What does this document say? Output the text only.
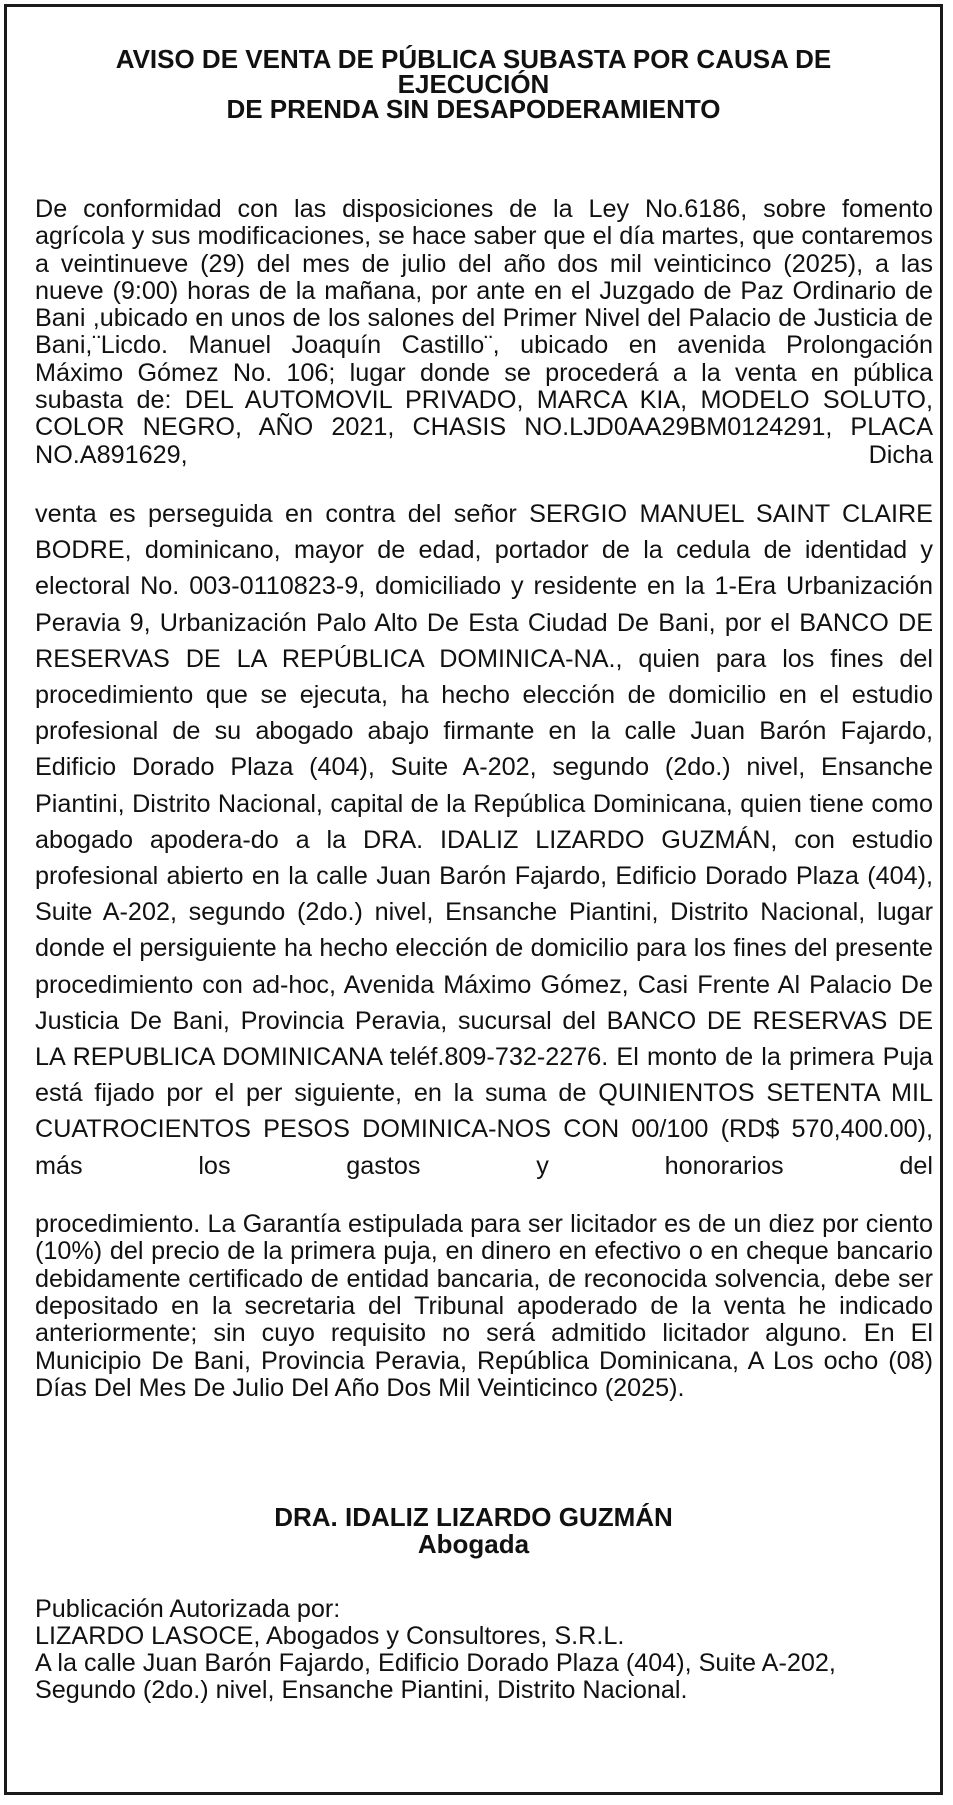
AVISO DE VENTA DE PÚBLICA SUBASTA POR CAUSA DE
EJECUCIÓN
DE PRENDA SIN DESAPODERAMIENTO

De conformidad con las disposiciones de la Ley No.6186, sobre fomento agrícola y sus modificaciones, se hace saber que el día martes, que contaremos a veintinueve (29) del mes de julio del año dos mil veinticinco (2025), a las nueve (9:00) horas de la mañana, por ante en el Juzgado de Paz Ordinario de Bani ,ubicado en unos de los salones del Primer Nivel del Palacio de Justicia de Bani,¨Licdo. Manuel Joaquín Castillo¨, ubicado en avenida Prolongación Máximo Gómez No. 106; lugar donde se procederá a la venta en pública subasta de: DEL AUTOMOVIL PRIVADO, MARCA KIA, MODELO SOLUTO, COLOR NEGRO, AÑO 2021, CHASIS NO.LJD0AA29BM0124291, PLACA NO.A891629, Dicha

venta es perseguida en contra del señor SERGIO MANUEL SAINT CLAIRE BODRE, dominicano, mayor de edad, portador de la cedula de identidad y electoral No. 003-0110823-9, domiciliado y residente en la 1-Era Urbanización Peravia 9, Urbanización Palo Alto De Esta Ciudad De Bani, por el BANCO DE RESERVAS DE LA REPÚBLICA DOMINICA-NA., quien para los fines del procedimiento que se ejecuta, ha hecho elección de domicilio en el estudio profesional de su abogado abajo firmante en la calle Juan Barón Fajardo, Edificio Dorado Plaza (404), Suite A-202, segundo (2do.) nivel, Ensanche Piantini, Distrito Nacional, capital de la República Dominicana, quien tiene como abogado apodera-do a la DRA. IDALIZ LIZARDO GUZMÁN, con estudio profesional abierto en la calle Juan Barón Fajardo, Edificio Dorado Plaza (404), Suite A-202, segundo (2do.) nivel, Ensanche Piantini, Distrito Nacional, lugar donde el persiguiente ha hecho elección de domicilio para los fines del presente procedimiento con ad-hoc, Avenida Máximo Gómez, Casi Frente Al Palacio De Justicia De Bani, Provincia Peravia, sucursal del BANCO DE RESERVAS DE LA REPUBLICA DOMINICANA teléf.809-732-2276. El monto de la primera Puja está fijado por el per siguiente, en la suma de QUINIENTOS SETENTA MIL CUATROCIENTOS PESOS DOMINICA-NOS CON 00/100 (RD$ 570,400.00), más los gastos y honorarios del

procedimiento. La Garantía estipulada para ser licitador es de un diez por ciento (10%) del precio de la primera puja, en dinero en efectivo o en cheque bancario debidamente certificado de entidad bancaria, de reconocida solvencia, debe ser depositado en la secretaria del Tribunal apoderado de la venta he indicado anteriormente; sin cuyo requisito no será admitido licitador alguno. En El Municipio De Bani, Provincia Peravia, República Dominicana, A Los ocho (08) Días Del Mes De Julio Del Año Dos Mil Veinticinco (2025).

DRA. IDALIZ LIZARDO GUZMÁN
Abogada
Publicación Autorizada por:
LIZARDO LASOCE, Abogados y Consultores, S.R.L.
A la calle Juan Barón Fajardo, Edificio Dorado Plaza (404), Suite A-202,
Segundo (2do.) nivel, Ensanche Piantini, Distrito Nacional.
